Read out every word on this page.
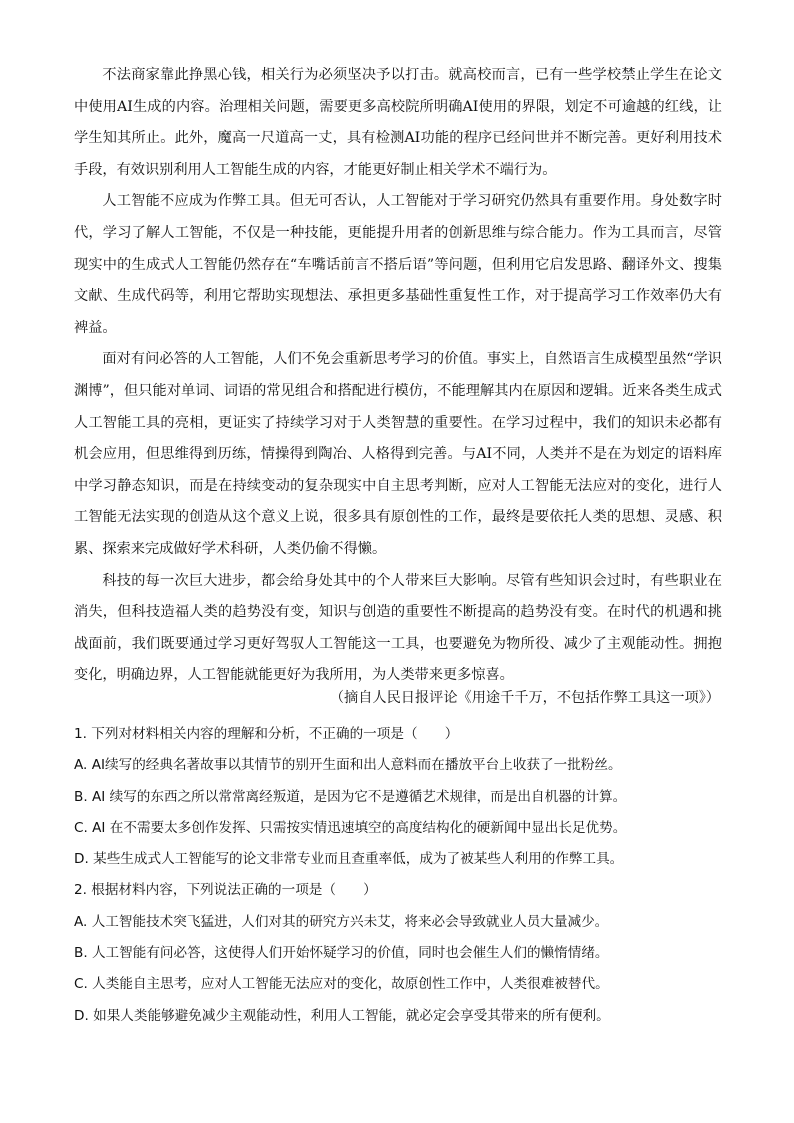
不法商家靠此挣黑心钱，相关行为必须坚决予以打击。就高校而言，已有一些学校禁止学生在论文中使用AI生成的内容。治理相关问题，需要更多高校院所明确AI使用的界限，划定不可逾越的红线，让学生知其所止。此外，魔高一尺道高一丈，具有检测AI功能的程序已经问世并不断完善。更好利用技术手段，有效识别利用人工智能生成的内容，才能更好制止相关学术不端行为。

人工智能不应成为作弊工具。但无可否认，人工智能对于学习研究仍然具有重要作用。身处数字时代，学习了解人工智能，不仅是一种技能，更能提升用者的创新思维与综合能力。作为工具而言，尽管现实中的生成式人工智能仍然存在“车嘴话前言不搭后语”等问题，但利用它启发思路、翻译外文、搜集文献、生成代码等，利用它帮助实现想法、承担更多基础性重复性工作，对于提高学习工作效率仍大有裨益。

面对有问必答的人工智能，人们不免会重新思考学习的价值。事实上，自然语言生成模型虽然“学识渊博”，但只能对单词、词语的常见组合和搭配进行模仿，不能理解其内在原因和逻辑。近来各类生成式人工智能工具的亮相，更证实了持续学习对于人类智慧的重要性。在学习过程中，我们的知识未必都有机会应用，但思维得到历练，情操得到陶冶、人格得到完善。与AI不同，人类并不是在为划定的语料库中学习静态知识，而是在持续变动的复杂现实中自主思考判断，应对人工智能无法应对的变化，进行人工智能无法实现的创造从这个意义上说，很多具有原创性的工作，最终是要依托人类的思想、灵感、积累、探索来完成做好学术科研，人类仍偷不得懒。

科技的每一次巨大进步，都会给身处其中的个人带来巨大影响。尽管有些知识会过时，有些职业在消失，但科技造福人类的趋势没有变，知识与创造的重要性不断提高的趋势没有变。在时代的机遇和挑战面前，我们既要通过学习更好驾驭人工智能这一工具，也要避免为物所役、减少了主观能动性。拥抱变化，明确边界，人工智能就能更好为我所用，为人类带来更多惊喜。

（摘自人民日报评论《用途千千万，不包括作弊工具这一项》）
1. 下列对材料相关内容的理解和分析，不正确的一项是（　　）
A. AI续写的经典名著故事以其情节的别开生面和出人意料而在播放平台上收获了一批粉丝。
B. AI 续写的东西之所以常常离经叛道，是因为它不是遵循艺术规律，而是出自机器的计算。
C. AI 在不需要太多创作发挥、只需按实情迅速填空的高度结构化的硬新闻中显出长足优势。
D. 某些生成式人工智能写的论文非常专业而且查重率低，成为了被某些人利用的作弊工具。
2. 根据材料内容，下列说法正确的一项是（　　）
A. 人工智能技术突飞猛进，人们对其的研究方兴未艾，将来必会导致就业人员大量减少。
B. 人工智能有问必答，这使得人们开始怀疑学习的价值，同时也会催生人们的懒惰情绪。
C. 人类能自主思考，应对人工智能无法应对的变化，故原创性工作中，人类很难被替代。
D. 如果人类能够避免减少主观能动性，利用人工智能，就必定会享受其带来的所有便利。
